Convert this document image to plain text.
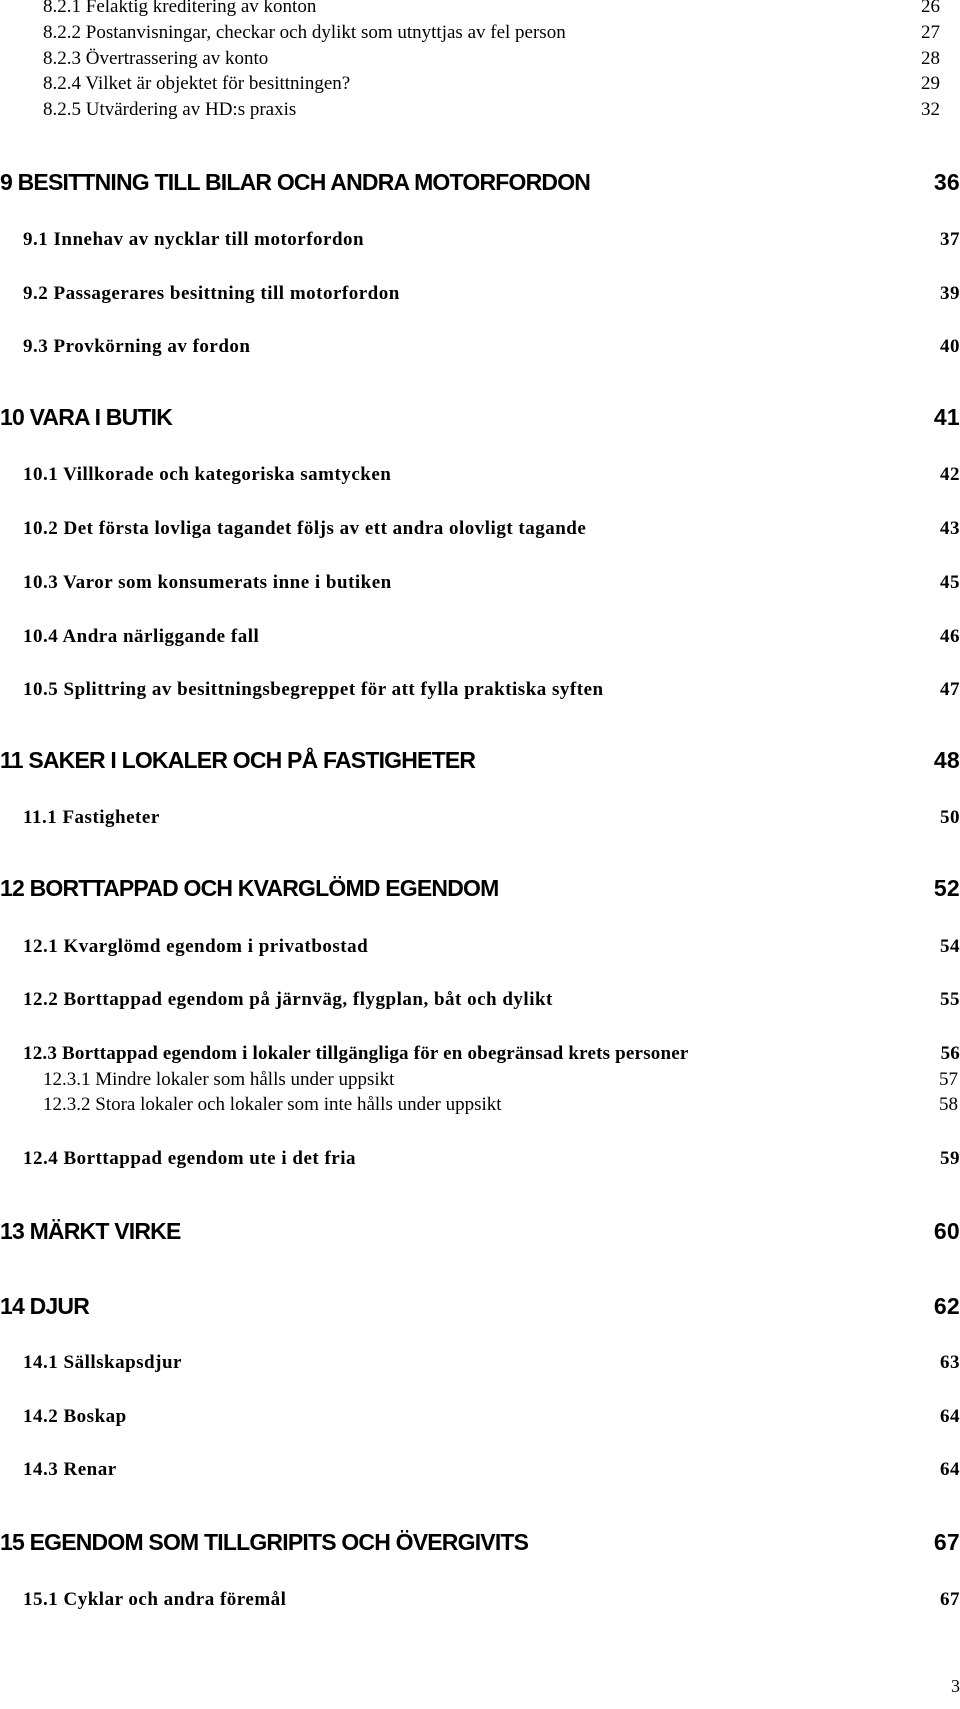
8.2.1 Felaktig kreditering av konton	26
8.2.2 Postanvisningar, checkar och dylikt som utnyttjas av fel person	27
8.2.3 Övertrassering av konto	28
8.2.4 Vilket är objektet för besittningen?	29
8.2.5 Utvärdering av HD:s praxis	32
9 BESITTNING TILL BILAR OCH ANDRA MOTORFORDON	36
9.1 Innehav av nycklar till motorfordon	37
9.2 Passagerares besittning till motorfordon	39
9.3 Provkörning av fordon	40
10 VARA I BUTIK	41
10.1 Villkorade och kategoriska samtycken	42
10.2 Det första lovliga tagandet följs av ett andra olovligt tagande	43
10.3 Varor som konsumerats inne i butiken	45
10.4 Andra närliggande fall	46
10.5 Splittring av besittningsbegreppet för att fylla praktiska syften	47
11 SAKER I LOKALER OCH PÅ FASTIGHETER	48
11.1 Fastigheter	50
12 BORTTAPPAD OCH KVARGLÖMD EGENDOM	52
12.1 Kvarglömd egendom i privatbostad	54
12.2 Borttappad egendom på järnväg, flygplan, båt och dylikt	55
12.3 Borttappad egendom i lokaler tillgängliga för en obegränsad krets personer	56
12.3.1 Mindre lokaler som hålls under uppsikt	57
12.3.2 Stora lokaler och lokaler som inte hålls under uppsikt	58
12.4 Borttappad egendom ute i det fria	59
13 MÄRKT VIRKE	60
14 DJUR	62
14.1 Sällskapsdjur	63
14.2 Boskap	64
14.3 Renar	64
15 EGENDOM SOM TILLGRIPITS OCH ÖVERGIVITS	67
15.1 Cyklar och andra föremål	67
3
